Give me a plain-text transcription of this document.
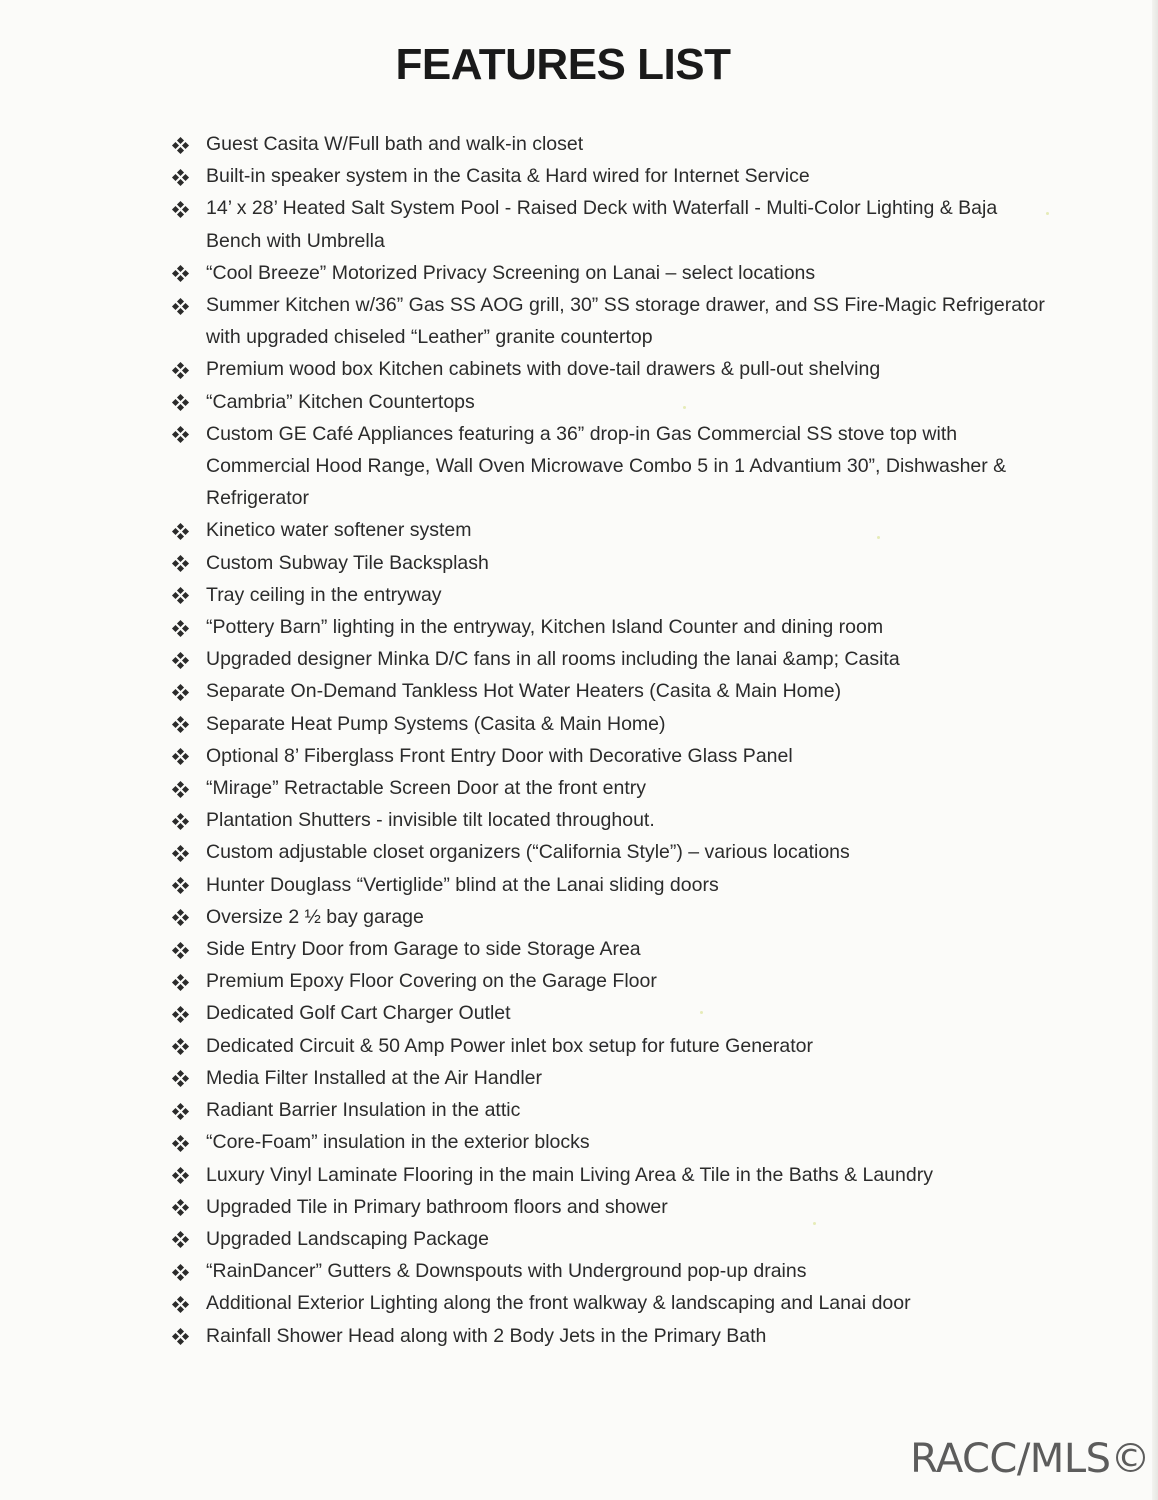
FEATURES LIST
Guest Casita W/Full bath and walk-in closet
Built-in speaker system in the Casita & Hard wired for Internet Service
14’ x 28’ Heated Salt System Pool - Raised Deck with Waterfall - Multi-Color Lighting & Baja Bench with Umbrella
“Cool Breeze” Motorized Privacy Screening on Lanai – select locations
Summer Kitchen w/36” Gas SS AOG grill, 30” SS storage drawer, and SS Fire-Magic Refrigerator with upgraded chiseled “Leather” granite countertop
Premium wood box Kitchen cabinets with dove-tail drawers & pull-out shelving
“Cambria” Kitchen Countertops
Custom GE Café Appliances featuring a 36” drop-in Gas Commercial SS stove top with Commercial Hood Range, Wall Oven Microwave Combo 5 in 1 Advantium 30”, Dishwasher & Refrigerator
Kinetico water softener system
Custom Subway Tile Backsplash
Tray ceiling in the entryway
“Pottery Barn” lighting in the entryway, Kitchen Island Counter and dining room
Upgraded designer Minka D/C fans in all rooms including the lanai &amp; Casita
Separate On-Demand Tankless Hot Water Heaters (Casita & Main Home)
Separate Heat Pump Systems (Casita & Main Home)
Optional 8’ Fiberglass Front Entry Door with Decorative Glass Panel
“Mirage” Retractable Screen Door at the front entry
Plantation Shutters - invisible tilt located throughout.
Custom adjustable closet organizers (“California Style”) – various locations
Hunter Douglass “Vertiglide” blind at the Lanai sliding doors
Oversize 2 ½ bay garage
Side Entry Door from Garage to side Storage Area
Premium Epoxy Floor Covering on the Garage Floor
Dedicated Golf Cart Charger Outlet
Dedicated Circuit & 50 Amp Power inlet box setup for future Generator
Media Filter Installed at the Air Handler
Radiant Barrier Insulation in the attic
“Core-Foam” insulation in the exterior blocks
Luxury Vinyl Laminate Flooring in the main Living Area & Tile in the Baths & Laundry
Upgraded Tile in Primary bathroom floors and shower
Upgraded Landscaping Package
“RainDancer” Gutters & Downspouts with Underground pop-up drains
Additional Exterior Lighting along the front walkway & landscaping and Lanai door
Rainfall Shower Head along with 2 Body Jets in the Primary Bath
RACC/MLS©
